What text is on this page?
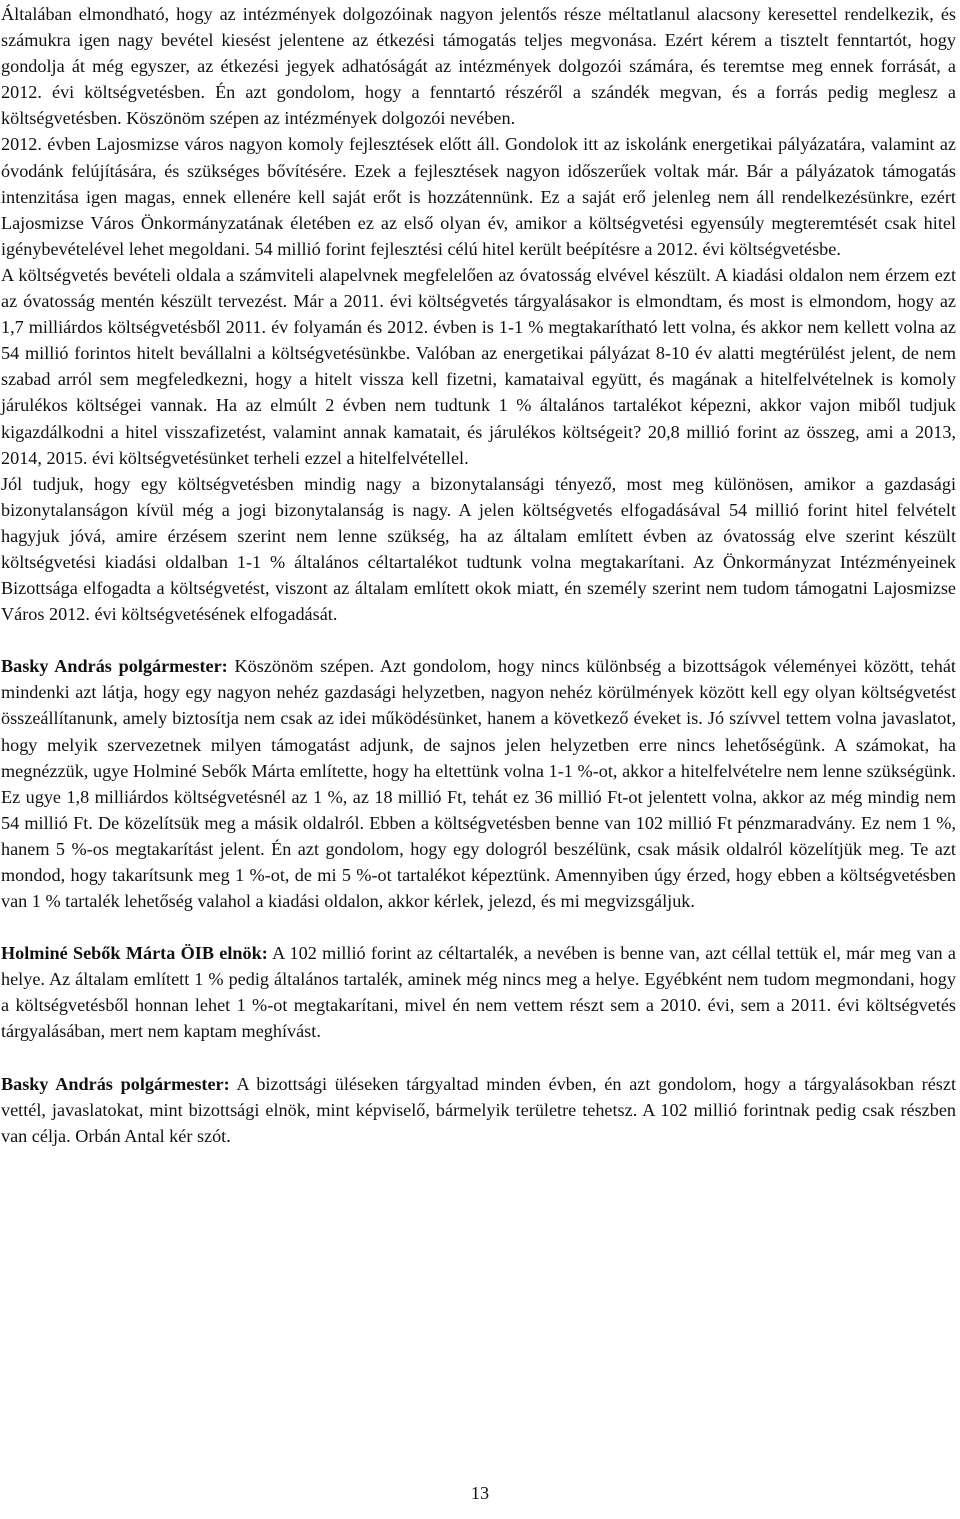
Általában elmondható, hogy az intézmények dolgozóinak nagyon jelentős része méltatlanul alacsony keresettel rendelkezik, és számukra igen nagy bevétel kiesést jelentene az étkezési támogatás teljes megvonása. Ezért kérem a tisztelt fenntartót, hogy gondolja át még egyszer, az étkezési jegyek adhatóságát az intézmények dolgozói számára, és teremtse meg ennek forrását, a 2012. évi költségvetésben. Én azt gondolom, hogy a fenntartó részéről a szándék megvan, és a forrás pedig meglesz a költségvetésben. Köszönöm szépen az intézmények dolgozói nevében.

2012. évben Lajosmizse város nagyon komoly fejlesztések előtt áll. Gondolok itt az iskolánk energetikai pályázatára, valamint az óvodánk felújítására, és szükséges bővítésére. Ezek a fejlesztések nagyon időszerűek voltak már. Bár a pályázatok támogatás intenzitása igen magas, ennek ellenére kell saját erőt is hozzátennünk. Ez a saját erő jelenleg nem áll rendelkezésünkre, ezért Lajosmizse Város Önkormányzatának életében ez az első olyan év, amikor a költségvetési egyensúly megteremtését csak hitel igénybevételével lehet megoldani. 54 millió forint fejlesztési célú hitel került beépítésre a 2012. évi költségvetésbe.

A költségvetés bevételi oldala a számviteli alapelvnek megfelelően az óvatosság elvével készült. A kiadási oldalon nem érzem ezt az óvatosság mentén készült tervezést. Már a 2011. évi költségvetés tárgyalásakor is elmondtam, és most is elmondom, hogy az 1,7 milliárdos költségvetésből 2011. év folyamán és 2012. évben is 1-1 % megtakarítható lett volna, és akkor nem kellett volna az 54 millió forintos hitelt bevállalni a költségvetésünkbe. Valóban az energetikai pályázat 8-10 év alatti megtérülést jelent, de nem szabad arról sem megfeledkezni, hogy a hitelt vissza kell fizetni, kamataival együtt, és magának a hitelfelvételnek is komoly járulékos költségei vannak. Ha az elmúlt 2 évben nem tudtunk 1 % általános tartalékot képezni, akkor vajon miből tudjuk kigazdálkodni a hitel visszafizetést, valamint annak kamatait, és járulékos költségeit? 20,8 millió forint az összeg, ami a 2013, 2014, 2015. évi költségvetésünket terheli ezzel a hitelfelvétellel.

Jól tudjuk, hogy egy költségvetésben mindig nagy a bizonytalansági tényező, most meg különösen, amikor a gazdasági bizonytalanságon kívül még a jogi bizonytalanság is nagy. A jelen költségvetés elfogadásával 54 millió forint hitel felvételt hagyjuk jóvá, amire érzésem szerint nem lenne szükség, ha az általam említett évben az óvatosság elve szerint készült költségvetési kiadási oldalban 1-1 % általános céltartalékot tudtunk volna megtakarítani. Az Önkormányzat Intézményeinek Bizottsága elfogadta a költségvetést, viszont az általam említett okok miatt, én személy szerint nem tudom támogatni Lajosmizse Város 2012. évi költségvetésének elfogadását.

Basky András polgármester: Köszönöm szépen. Azt gondolom, hogy nincs különbség a bizottságok véleményei között, tehát mindenki azt látja, hogy egy nagyon nehéz gazdasági helyzetben, nagyon nehéz körülmények között kell egy olyan költségvetést összeállítanunk, amely biztosítja nem csak az idei működésünket, hanem a következő éveket is. Jó szívvel tettem volna javaslatot, hogy melyik szervezetnek milyen támogatást adjunk, de sajnos jelen helyzetben erre nincs lehetőségünk. A számokat, ha megnézzük, ugye Holminé Sebők Márta említette, hogy ha eltettünk volna 1-1 %-ot, akkor a hitelfelvételre nem lenne szükségünk. Ez ugye 1,8 milliárdos költségvetésnél az 1 %, az 18 millió Ft, tehát ez 36 millió Ft-ot jelentett volna, akkor az még mindig nem 54 millió Ft. De közelítsük meg a másik oldalról. Ebben a költségvetésben benne van 102 millió Ft pénzmaradvány. Ez nem 1 %, hanem 5 %-os megtakarítást jelent. Én azt gondolom, hogy egy dologról beszélünk, csak másik oldalról közelítjük meg. Te azt mondod, hogy takarítsunk meg 1 %-ot, de mi 5 %-ot tartalékot képeztünk. Amennyiben úgy érzed, hogy ebben a költségvetésben van 1 % tartalék lehetőség valahol a kiadási oldalon, akkor kérlek, jelezd, és mi megvizsgáljuk.

Holminé Sebők Márta ÖIB elnök: A 102 millió forint az céltartalék, a nevében is benne van, azt céllal tettük el, már meg van a helye. Az általam említett 1 % pedig általános tartalék, aminek még nincs meg a helye. Egyébként nem tudom megmondani, hogy a költségvetésből honnan lehet 1 %-ot megtakarítani, mivel én nem vettem részt sem a 2010. évi, sem a 2011. évi költségvetés tárgyalásában, mert nem kaptam meghívást.

Basky András polgármester: A bizottsági üléseken tárgyaltad minden évben, én azt gondolom, hogy a tárgyalásokban részt vettél, javaslatokat, mint bizottsági elnök, mint képviselő, bármelyik területre tehetsz. A 102 millió forintnak pedig csak részben van célja. Orbán Antal kér szót.

13
